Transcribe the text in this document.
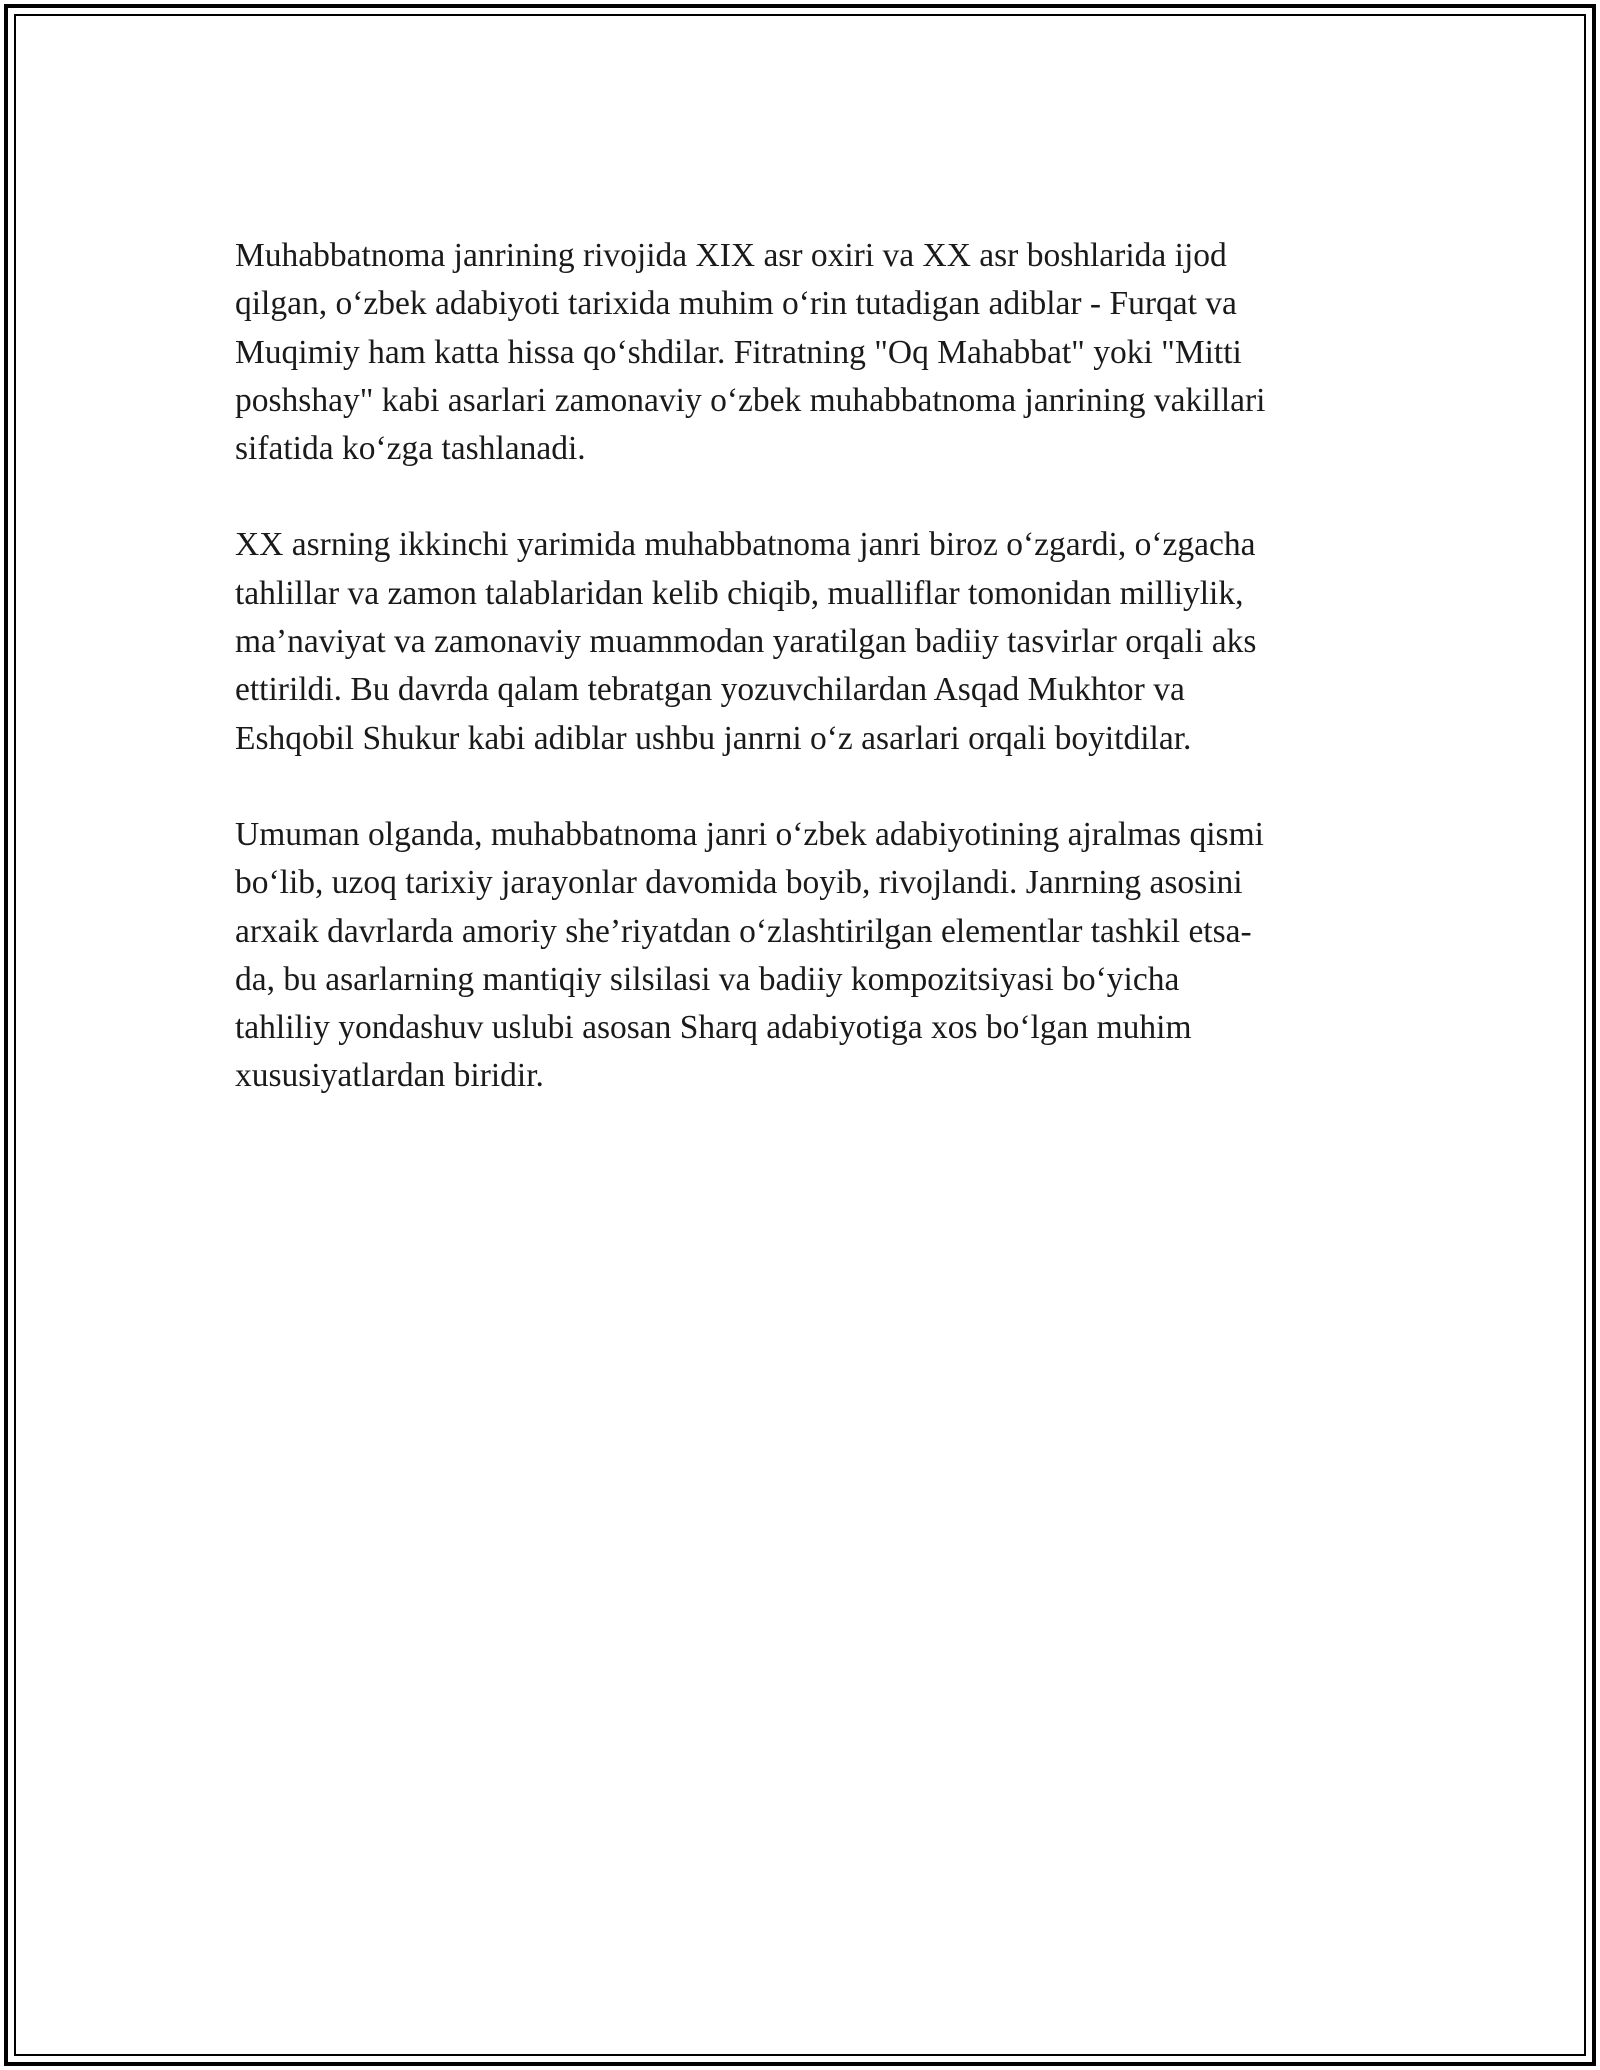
Muhabbatnoma janrining rivojida XIX asr oxiri va XX asr boshlarida ijod
qilgan, o‘zbek adabiyoti tarixida muhim o‘rin tutadigan adiblar - Furqat va
Muqimiy ham katta hissa qo‘shdilar. Fitratning "Oq Mahabbat" yoki "Mitti
poshshay" kabi asarlari zamonaviy o‘zbek muhabbatnoma janrining vakillari
sifatida ko‘zga tashlanadi.

XX asrning ikkinchi yarimida muhabbatnoma janri biroz o‘zgardi, o‘zgacha
tahlillar va zamon talablaridan kelib chiqib, mualliflar tomonidan milliylik,
ma’naviyat va zamonaviy muammodan yaratilgan badiiy tasvirlar orqali aks
ettirildi. Bu davrda qalam tebratgan yozuvchilardan Asqad Mukhtor va
Eshqobil Shukur kabi adiblar ushbu janrni o‘z asarlari orqali boyitdilar.

Umuman olganda, muhabbatnoma janri o‘zbek adabiyotining ajralmas qismi
bo‘lib, uzoq tarixiy jarayonlar davomida boyib, rivojlandi. Janrning asosini
arxaik davrlarda amoriy she’riyatdan o‘zlashtirilgan elementlar tashkil etsa-
da, bu asarlarning mantiqiy silsilasi va badiiy kompozitsiyasi bo‘yicha
tahliliy yondashuv uslubi asosan Sharq adabiyotiga xos bo‘lgan muhim
xususiyatlardan biridir.
